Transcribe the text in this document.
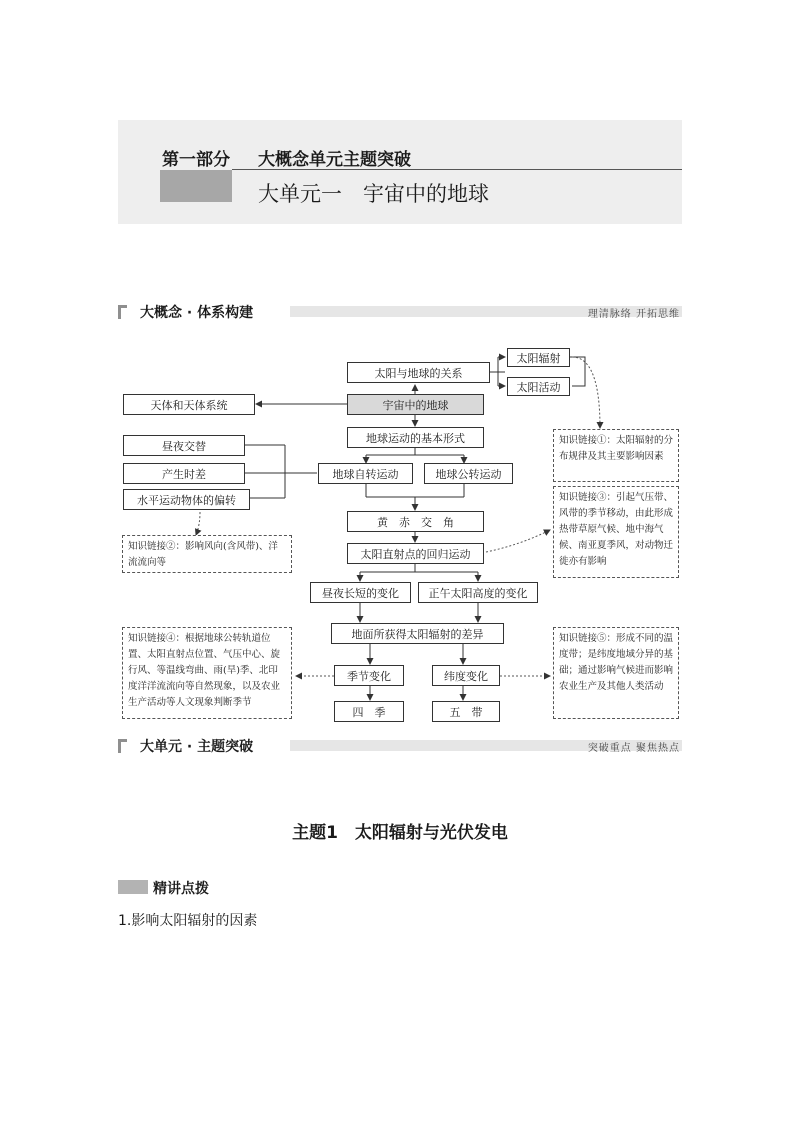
第一部分 大概念单元主题突破
大单元一　宇宙中的地球
大概念 · 体系构建	理清脉络 开拓思维
太阳与地球的关系
太阳辐射
太阳活动
天体和天体系统	宇宙中的地球
地球运动的基本形式
昼夜交替
产生时差
水平运动物体的偏转
地球自转运动	地球公转运动
黄　赤　交　角
太阳直射点的回归运动
昼夜长短的变化	正午太阳高度的变化
地面所获得太阳辐射的差异
季节变化	纬度变化
四　季	五　带
知识链接①：太阳辐射的分布规律及其主要影响因素
知识链接②：影响风向(含风带)、洋流流向等
知识链接③：引起气压带、风带的季节移动，由此形成热带草原气候、地中海气候、南亚夏季风，对动物迁徙亦有影响
知识链接④：根据地球公转轨道位置、太阳直射点位置、气压中心、旋行风、等温线弯曲、雨(旱)季、北印度洋洋流流向等自然现象，以及农业生产活动等人文现象判断季节
知识链接⑤：形成不同的温度带；是纬度地域分异的基础；通过影响气候进而影响农业生产及其他人类活动
大单元 · 主题突破	突破重点 聚焦热点
主题1　太阳辐射与光伏发电
精讲点拨
1.影响太阳辐射的因素
